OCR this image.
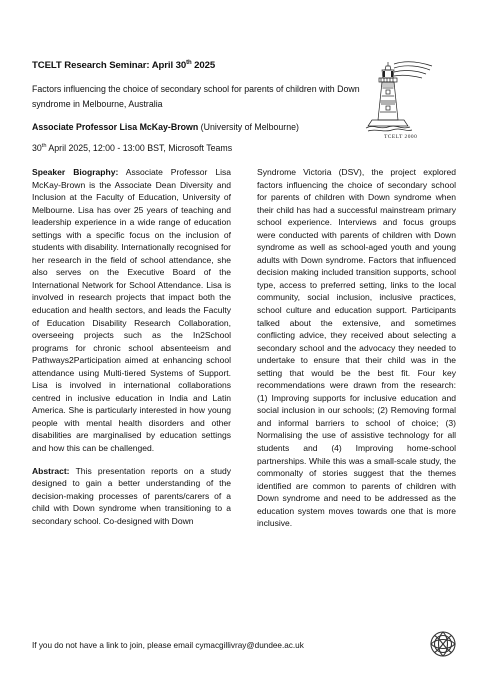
TCELT Research Seminar: April 30th 2025
Factors influencing the choice of secondary school for parents of children with Down syndrome in Melbourne, Australia
Associate Professor Lisa McKay-Brown (University of Melbourne)
30th April 2025, 12:00 - 13:00 BST, Microsoft Teams
TCELT 2000

Speaker Biography: Associate Professor Lisa McKay-Brown is the Associate Dean Diversity and Inclusion at the Faculty of Education, University of Melbourne. Lisa has over 25 years of teaching and leadership experience in a wide range of education settings with a specific focus on the inclusion of students with disability. Internationally recognised for her research in the field of school attendance, she also serves on the Executive Board of the International Network for School Attendance. Lisa is involved in research projects that impact both the education and health sectors, and leads the Faculty of Education Disability Research Collaboration, overseeing projects such as the In2School programs for chronic school absenteeism and Pathways2Participation aimed at enhancing school attendance using Multi-tiered Systems of Support. Lisa is involved in international collaborations centred in inclusive education in India and Latin America. She is particularly interested in how young people with mental health disorders and other disabilities are marginalised by education settings and how this can be challenged.

Abstract: This presentation reports on a study designed to gain a better understanding of the decision-making processes of parents/carers of a child with Down syndrome when transitioning to a secondary school. Co-designed with Down

Syndrome Victoria (DSV), the project explored factors influencing the choice of secondary school for parents of children with Down syndrome when their child has had a successful mainstream primary school experience. Interviews and focus groups were conducted with parents of children with Down syndrome as well as school-aged youth and young adults with Down syndrome. Factors that influenced decision making included transition supports, school type, access to preferred setting, links to the local community, social inclusion, inclusive practices, school culture and education support. Participants talked about the extensive, and sometimes conflicting advice, they received about selecting a secondary school and the advocacy they needed to undertake to ensure that their child was in the setting that would be the best fit. Four key recommendations were drawn from the research: (1) Improving supports for inclusive education and social inclusion in our schools; (2) Removing formal and informal barriers to school of choice; (3) Normalising the use of assistive technology for all students and (4) Improving home-school partnerships. While this was a small-scale study, the commonalty of stories suggest that the themes identified are common to parents of children with Down syndrome and need to be addressed as the education system moves towards one that is more inclusive.

If you do not have a link to join, please email cymacgillivray@dundee.ac.uk
